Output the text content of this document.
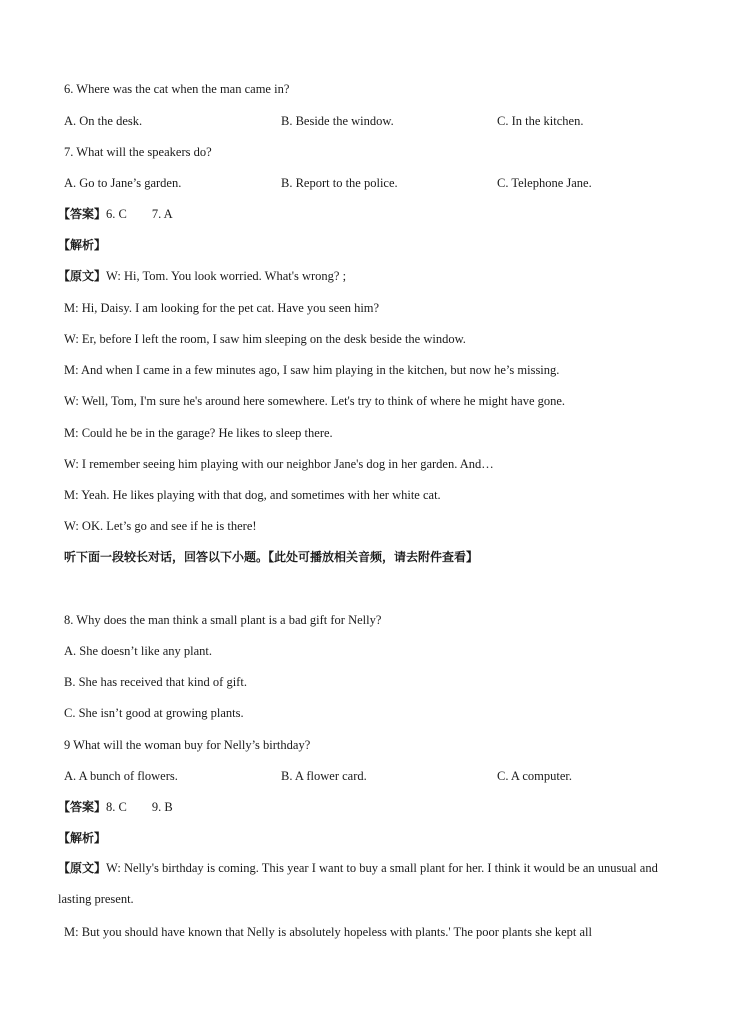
6. Where was the cat when the man came in?
A. On the desk.	B. Beside the window.	C. In the kitchen.
7. What will the speakers do?
A. Go to Jane’s garden.	B. Report to the police.	C. Telephone Jane.
【答案】6. C        7. A
【解析】
【原文】W: Hi, Tom. You look worried. What's wrong? ;
M: Hi, Daisy. I am looking for the pet cat. Have you seen him?
W: Er, before I left the room, I saw him sleeping on the desk beside the window.
M: And when I came in a few minutes ago, I saw him playing in the kitchen, but now he’s missing.
W: Well, Tom, I'm sure he's around here somewhere. Let's try to think of where he might have gone.
M: Could he be in the garage? He likes to sleep there.
W: I remember seeing him playing with our neighbor Jane's dog in her garden. And…
M: Yeah. He likes playing with that dog, and sometimes with her white cat.
W: OK. Let’s go and see if he is there!
听下面一段较长对话，回答以下小题。【此处可播放相关音频，请去附件查看】
8. Why does the man think a small plant is a bad gift for Nelly?
A. She doesn’t like any plant.
B. She has received that kind of gift.
C. She isn’t good at growing plants.
9 What will the woman buy for Nelly’s birthday?
A. A bunch of flowers.	B. A flower card.	C. A computer.
【答案】8. C        9. B
【解析】
【原文】W: Nelly's birthday is coming. This year I want to buy a small plant for her. I think it would be an unusual and lasting present.
M: But you should have known that Nelly is absolutely hopeless with plants.' The poor plants she kept all
